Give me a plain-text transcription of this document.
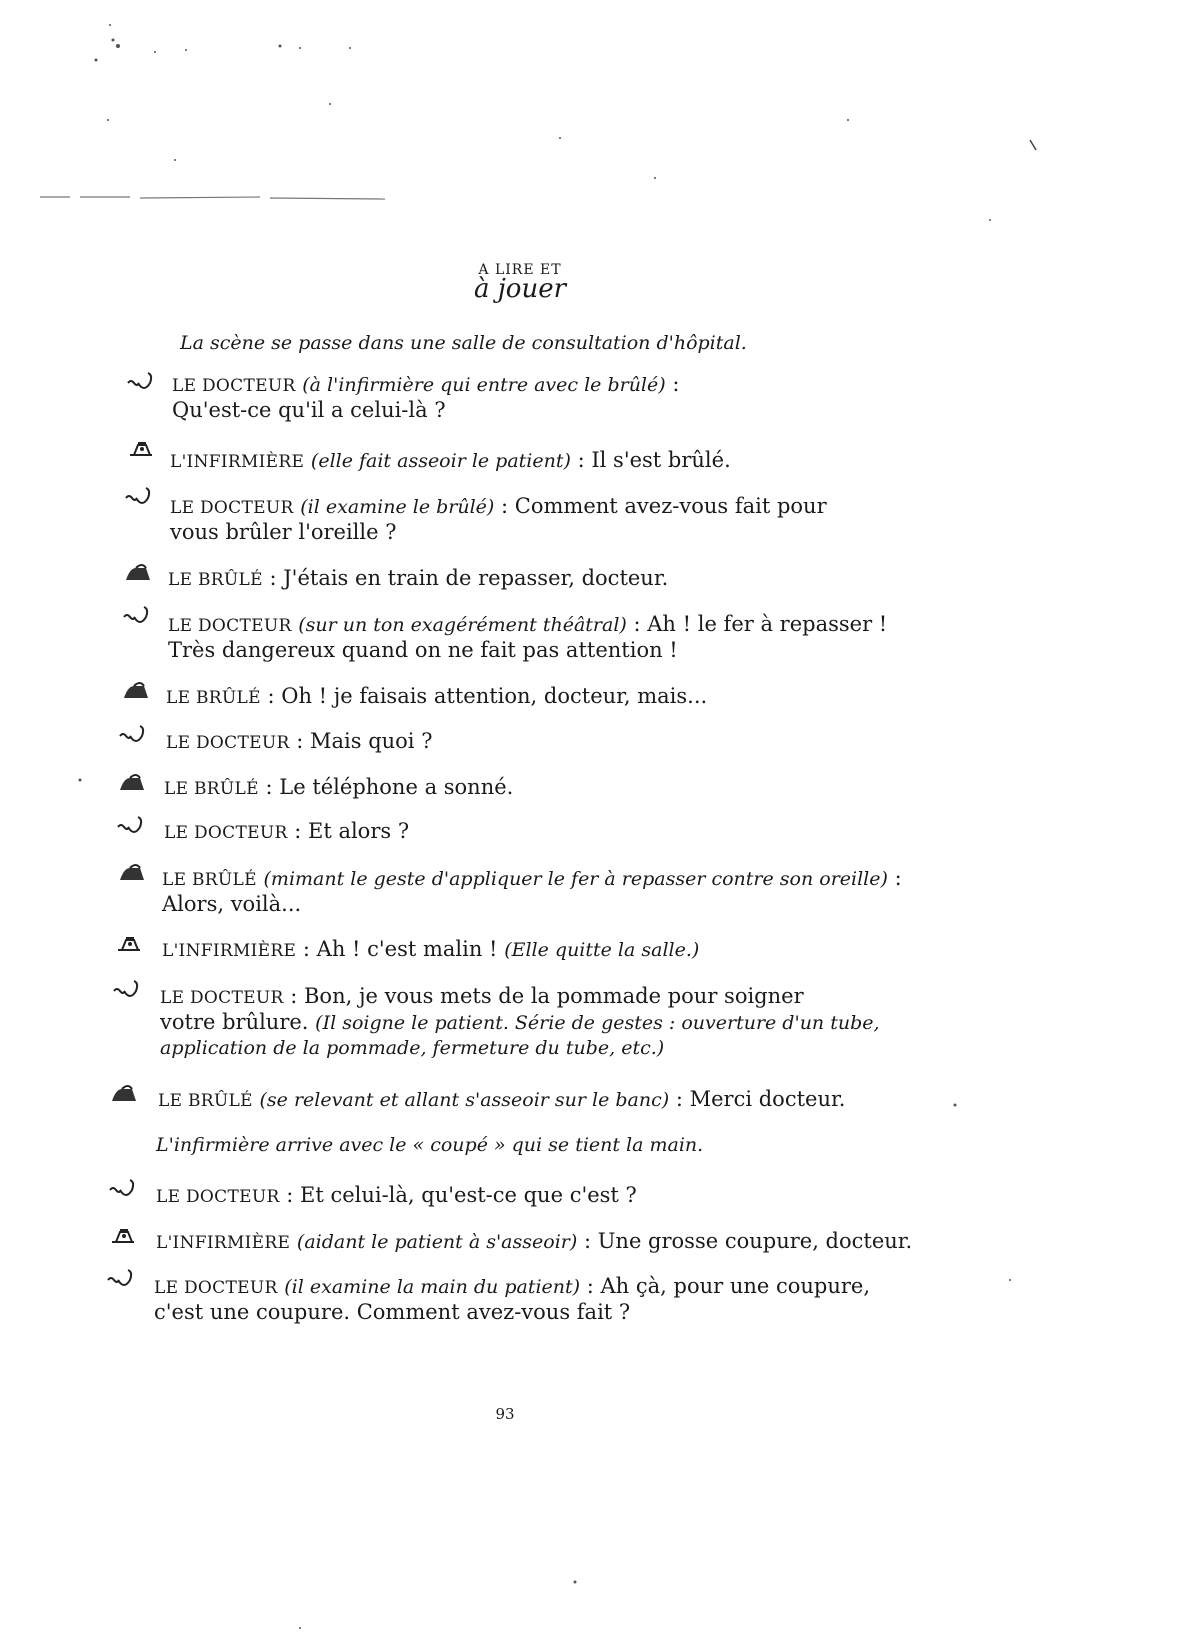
A LIRE ET
à jouer
La scène se passe dans une salle de consultation d'hôpital.
LE DOCTEUR (à l'infirmière qui entre avec le brûlé) :
Qu'est-ce qu'il a celui-là ?
L'INFIRMIÈRE (elle fait asseoir le patient) : Il s'est brûlé.
LE DOCTEUR (il examine le brûlé) : Comment avez-vous fait pour
vous brûler l'oreille ?
LE BRÛLÉ : J'étais en train de repasser, docteur.
LE DOCTEUR (sur un ton exagérément théâtral) : Ah ! le fer à repasser !
Très dangereux quand on ne fait pas attention !
LE BRÛLÉ : Oh ! je faisais attention, docteur, mais...
LE DOCTEUR : Mais quoi ?
LE BRÛLÉ : Le téléphone a sonné.
LE DOCTEUR : Et alors ?
LE BRÛLÉ (mimant le geste d'appliquer le fer à repasser contre son oreille) :
Alors, voilà...
L'INFIRMIÈRE : Ah ! c'est malin ! (Elle quitte la salle.)
LE DOCTEUR : Bon, je vous mets de la pommade pour soigner
votre brûlure. (Il soigne le patient. Série de gestes : ouverture d'un tube,
application de la pommade, fermeture du tube, etc.)
LE BRÛLÉ (se relevant et allant s'asseoir sur le banc) : Merci docteur.
L'infirmière arrive avec le « coupé » qui se tient la main.
LE DOCTEUR : Et celui-là, qu'est-ce que c'est ?
L'INFIRMIÈRE (aidant le patient à s'asseoir) : Une grosse coupure, docteur.
LE DOCTEUR (il examine la main du patient) : Ah çà, pour une coupure,
c'est une coupure. Comment avez-vous fait ?
93
